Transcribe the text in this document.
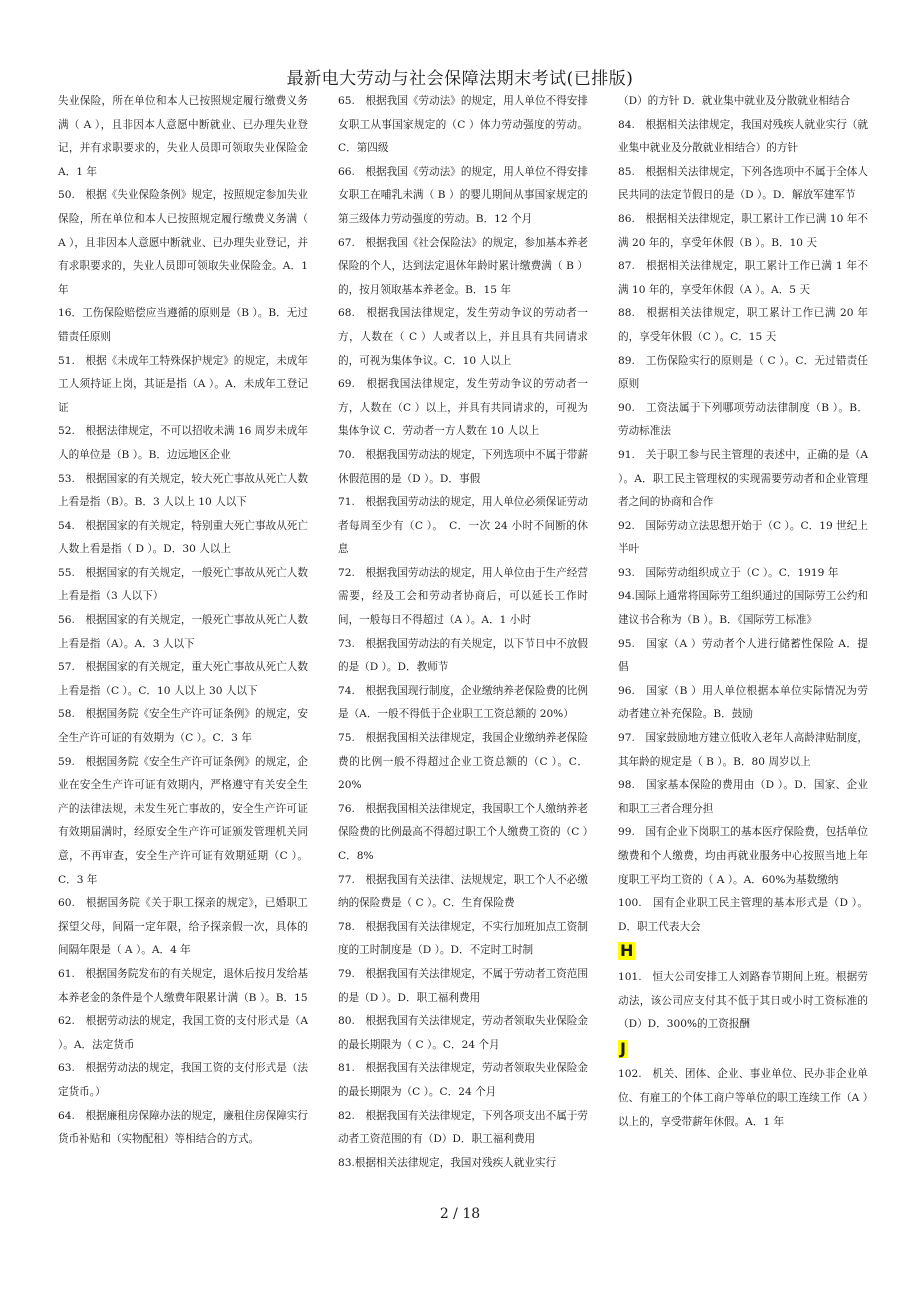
最新电大劳动与社会保障法期末考试(已排版)

失业保险，所在单位和本人已按照规定履行缴费义务满（ A ），且非因本人意愿中断就业、已办理失业登记，并有求职要求的，失业人员即可领取失业保险金 A．1 年

50.　根据《失业保险条例》规定，按照规定参加失业保险，所在单位和本人已按照规定履行缴费义务满（ A ），且非因本人意愿中断就业、已办理失业登记，并有求职要求的，失业人员即可领取失业保险金。A．1年

16．工伤保险赔偿应当遵循的原则是（B ）。B．无过错责任原则

51.　根据《未成年工特殊保护规定》的规定，未成年工人须持证上岗，其证是指（A ）。A．未成年工登记证

52.　根据法律规定，不可以招收未满 16 周岁未成年人的单位是（B ）。B．边远地区企业

53.　根据国家的有关规定，较大死亡事故从死亡人数上看是指（B）。B．3 人以上 10 人以下

54.　根据国家的有关规定，特别重大死亡事故从死亡人数上看是指（ D ）。D．30 人以上

55.　根据国家的有关规定，一般死亡事故从死亡人数上看是指（3 人以下）

56.　根据国家的有关规定，一般死亡事故从死亡人数上看是指（A）。A．3 人以下

57.　根据国家的有关规定，重大死亡事故从死亡人数上看是指（C ）。C．10 人以上 30 人以下

58.　根据国务院《安全生产许可证条例》的规定，安全生产许可证的有效期为（C ）。C．3 年

59.　根据国务院《安全生产许可证条例》的规定，企业在安全生产许可证有效期内，严格遵守有关安全生产的法律法规，未发生死亡事故的，安全生产许可证有效期届满时，经原安全生产许可证颁发管理机关同意，不再审查，安全生产许可证有效期延期（C ）。C．3 年

60.　根据国务院《关于职工探亲的规定》，已婚职工探望父母，间隔一定年限，给予探亲假一次，具体的间隔年限是（ A ）。A．4 年

61.　根据国务院发布的有关规定，退休后按月发给基本养老金的条件是个人缴费年限累计满（B ）。B．15

62.　根据劳动法的规定，我国工资的支付形式是（A ）。A．法定货币

63.　根据劳动法的规定，我国工资的支付形式是（法定货币。）

64.　根据廉租房保障办法的规定，廉租住房保障实行货币补贴和（实物配租）等相结合的方式。

65.　根据我国《劳动法》的规定，用人单位不得安排女职工从事国家规定的（C ）体力劳动强度的劳动。C．第四级

66.　根据我国《劳动法》的规定，用人单位不得安排女职工在哺乳未满（ B ）的婴儿期间从事国家规定的第三级体力劳动强度的劳动。B．12 个月

67.　根据我国《社会保险法》的规定，参加基本养老保险的个人，达到法定退休年龄时累计缴费满（ B ）的，按月领取基本养老金。B．15 年

68.　根据我国法律规定，发生劳动争议的劳动者一方，人数在（ C ）人或者以上，并且具有共同请求的，可视为集体争议。C．10 人以上

69.　根据我国法律规定，发生劳动争议的劳动者一方，人数在（C ）以上，并具有共同请求的，可视为集体争议 C．劳动者一方人数在 10 人以上

70.　根据我国劳动法的规定，下列选项中不属于带薪休假范围的是（D ）。D．事假

71.　根据我国劳动法的规定，用人单位必须保证劳动者每周至少有（C ）。　C．一次 24 小时不间断的休息

72.　根据我国劳动法的规定，用人单位由于生产经营需要，经及工会和劳动者协商后，可以延长工作时间，一般每日不得超过（A ）。A．1 小时

73.　根据我国劳动法的有关规定，以下节日中不放假的是（D ）。D．教师节

74.　根据我国现行制度，企业缴纳养老保险费的比例是（A．一般不得低于企业职工工资总额的 20%）

75.　根据我国相关法律规定，我国企业缴纳养老保险费的比例一般不得超过企业工资总额的（C ）。C．20%

76.　根据我国相关法律规定，我国职工个人缴纳养老保险费的比例最高不得超过职工个人缴费工资的（C ）C．8%

77.　根据我国有关法律、法规规定，职工个人不必缴纳的保险费是（ C ）。C．生育保险费

78.　根据我国有关法律规定，不实行加班加点工资制度的工时制度是（D ）。D．不定时工时制

79.　根据我国有关法律规定，不属于劳动者工资范围的是（D ）。D．职工福利费用

80.　根据我国有关法律规定，劳动者领取失业保险金的最长期限为（ C ）。C．24 个月

81.　根据我国有关法律规定，劳动者领取失业保险金的最长期限为（C ）。C．24 个月

82.　根据我国有关法律规定，下列各项支出不属于劳动者工资范围的有（D）D．职工福利费用

83.根据相关法律规定，我国对残疾人就业实行

（D）的方针 D．就业集中就业及分散就业相结合

84.　根据相关法律规定，我国对残疾人就业实行（就业集中就业及分散就业相结合）的方针

85.　根据相关法律规定，下列各选项中不属于全体人民共同的法定节假日的是（D ）。D．解放军建军节

86.　根据相关法律规定，职工累计工作已满 10 年不满 20 年的，享受年休假（B ）。B．10 天

87.　根据相关法律规定，职工累计工作已满 1 年不满 10 年的，享受年休假（A ）。A．5 天

88.　根据相关法律规定，职工累计工作已满 20 年的，享受年休假（C ）。C．15 天

89.　工伤保险实行的原则是（ C ）。C．无过错责任原则

90.　工资法属于下列哪项劳动法律制度（B ）。B．劳动标准法

91.　关于职工参与民主管理的表述中，正确的是（A ）。A．职工民主管理权的实现需要劳动者和企业管理者之间的协商和合作

92.　国际劳动立法思想开始于（C ）。C．19 世纪上半叶

93.　国际劳动组织成立于（C ）。C．1919 年

94.国际上通常将国际劳工组织通过的国际劳工公约和建议书合称为（B ）。B．《国际劳工标准》

95.　国家（A ）劳动者个人进行储蓄性保险 A．提倡

96.　国家（B ）用人单位根据本单位实际情况为劳动者建立补充保险。B．鼓励

97.　国家鼓励地方建立低收入老年人高龄津贴制度，其年龄的规定是（ B ）。B．80 周岁以上

98.　国家基本保险的费用由（D ）。D．国家、企业和职工三者合理分担

99.　国有企业下岗职工的基本医疗保险费，包括单位缴费和个人缴费，均由再就业服务中心按照当地上年度职工平均工资的（ A ）。A．60%为基数缴纳

100.　国有企业职工民主管理的基本形式是（D ）。D．职工代表大会

H

101.　恒大公司安排工人刘路春节期间上班。根据劳动法，该公司应支付其不低于其日或小时工资标准的（D）D．300%的工资报酬

J

102.　机关、团体、企业、事业单位、民办非企业单位、有雇工的个体工商户等单位的职工连续工作（A ）以上的，享受带薪年休假。A．1 年

2 / 18
